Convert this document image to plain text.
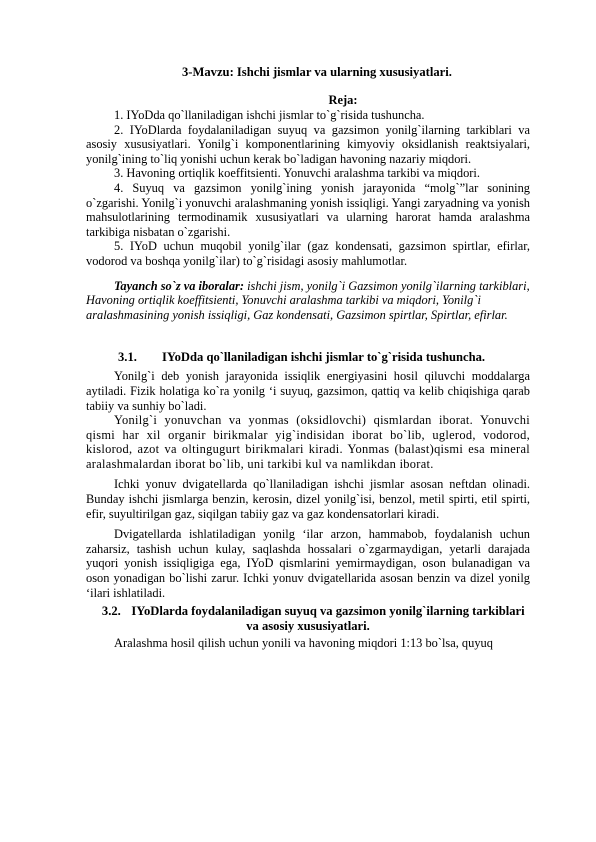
3-Mavzu: Ishchi jismlar va ularning xususiyatlari.
Reja:

1. IYoDda qo`llaniladigan ishchi jismlar to`g`risida tushuncha.

2. IYoDlarda foydalaniladigan suyuq va gazsimon yonilg`ilarning tarkiblari va asosiy xususiyatlari. Yonilg`i komponentlarining kimyoviy oksidlanish reaktsiyalari, yonilg`ining to`liq yonishi uchun kerak bo`ladigan havoning nazariy miqdori.

3. Havoning ortiqlik koeffitsienti. Yonuvchi aralashma tarkibi va miqdori.

4. Suyuq va gazsimon yonilg`ining yonish jarayonida “molg`”lar sonining o`zgarishi. Yonilg`i yonuvchi aralashmaning yonish issiqligi. Yangi zaryadning va yonish mahsulotlarining termodinamik xususiyatlari va ularning harorat hamda aralashma tarkibiga nisbatan o`zgarishi.

5. IYoD uchun muqobil yonilg`ilar (gaz kondensati, gazsimon spirtlar, efirlar, vodorod va boshqa yonilg`ilar) to`g`risidagi asosiy mahlumotlar.

Tayanch so`z va iboralar: ishchi jism, yonilg`i Gazsimon yonilg`ilarning tarkiblari, Havoning ortiqlik koeffitsienti, Yonuvchi aralashma tarkibi va miqdori, Yonilg`i aralashmasining yonish issiqligi, Gaz kondensati, Gazsimon spirtlar, Spirtlar, efirlar.

3.1. IYoDda qo`llaniladigan ishchi jismlar to`g`risida tushuncha.

Yonilg`i deb yonish jarayonida issiqlik energiyasini hosil qiluvchi moddalarga aytiladi. Fizik holatiga ko`ra yonilg ‘i suyuq, gazsimon, qattiq va kelib chiqishiga qarab tabiiy va sunhiy bo`ladi.

Yonilg`i yonuvchan va yonmas (oksidlovchi) qismlardan iborat. Yonuvchi qismi har xil organir birikmalar yig`indisidan iborat bo`lib, uglerod, vodorod, kislorod, azot va oltingugurt birikmalari kiradi. Yonmas (balast)qismi esa mineral aralashmalardan iborat bo`lib, uni tarkibi kul va namlikdan iborat.

Ichki yonuv dvigatellarda qo`llaniladigan ishchi jismlar asosan neftdan olinadi. Bunday ishchi jismlarga benzin, kerosin, dizel yonilg`isi, benzol, metil spirti, etil spirti, efir, suyultirilgan gaz, siqilgan tabiiy gaz va gaz kondensatorlari kiradi.

Dvigatellarda ishlatiladigan yonilg ‘ilar arzon, hammabob, foydalanish uchun zaharsiz, tashish uchun kulay, saqlashda hossalari o`zgarmaydigan, yetarli darajada yuqori yonish issiqligiga ega, IYoD qismlarini yemirmaydigan, oson bulanadigan va oson yonadigan bo`lishi zarur. Ichki yonuv dvigatellarida asosan benzin va dizel yonilg ‘ilari ishlatiladi.

3.2. IYoDlarda foydalaniladigan suyuq va gazsimon yonilg`ilarning tarkiblari va asosiy xususiyatlari.

Aralashma hosil qilish uchun yonili va havoning miqdori 1:13 bo`lsa, quyuq
